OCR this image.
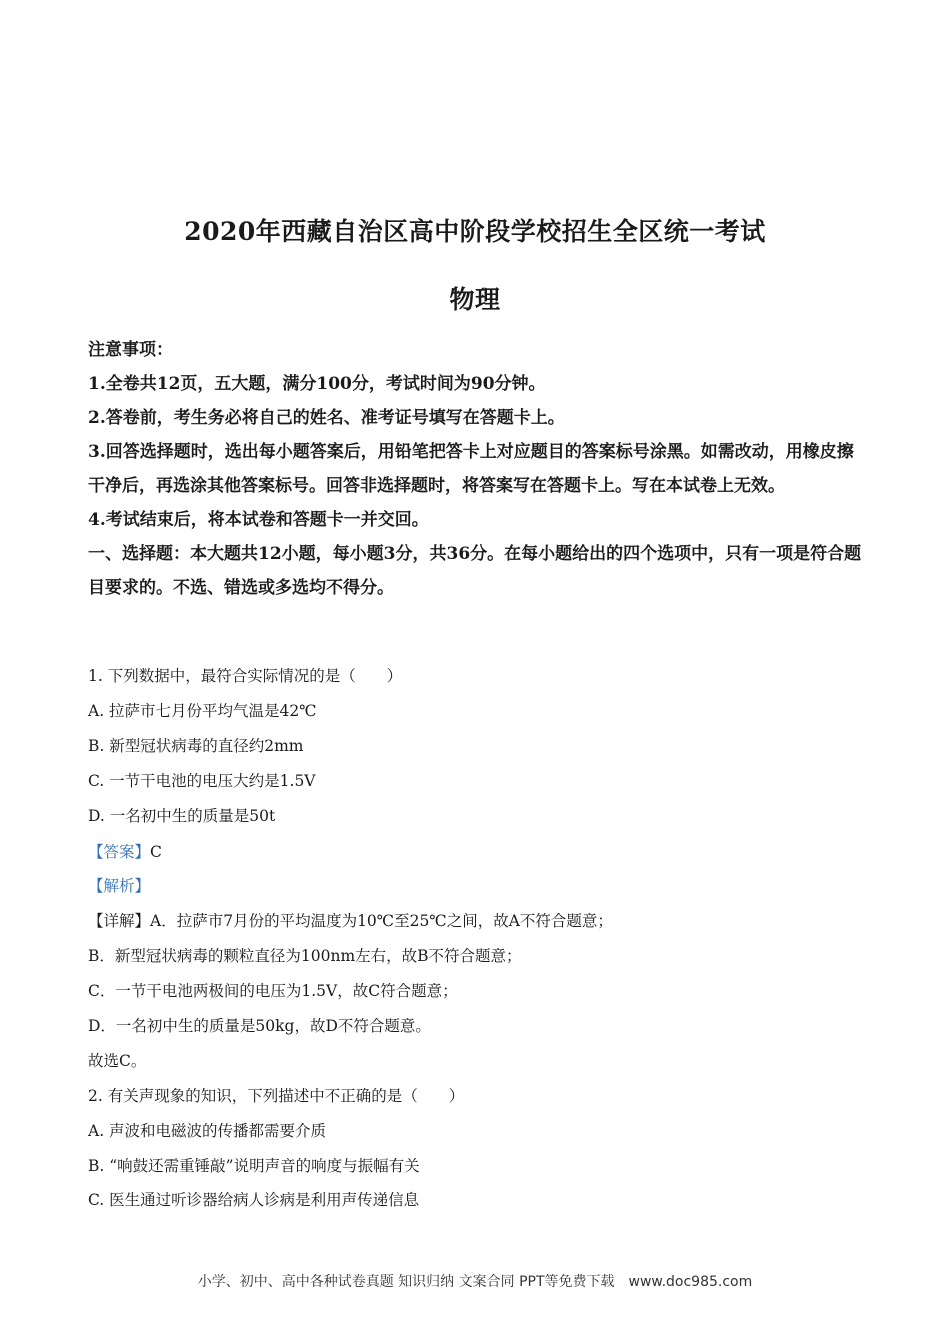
2020年西藏自治区高中阶段学校招生全区统一考试
物理

注意事项：

1.全卷共12页，五大题，满分100分，考试时间为90分钟。

2.答卷前，考生务必将自己的姓名、准考证号填写在答题卡上。

3.回答选择题时，选出每小题答案后，用铅笔把答卡上对应题目的答案标号涂黑。如需改动，用橡皮擦干净后，再选涂其他答案标号。回答非选择题时，将答案写在答题卡上。写在本试卷上无效。

4.考试结束后，将本试卷和答题卡一并交回。

一、选择题：本大题共12小题，每小题3分，共36分。在每小题给出的四个选项中，只有一项是符合题目要求的。不选、错选或多选均不得分。

1. 下列数据中，最符合实际情况的是（　　）
A. 拉萨市七月份平均气温是42℃
B. 新型冠状病毒的直径约2mm
C. 一节干电池的电压大约是1.5V
D. 一名初中生的质量是50t
【答案】C
【解析】
【详解】A．拉萨市7月份的平均温度为10℃至25℃之间，故A不符合题意；
B．新型冠状病毒的颗粒直径为100nm左右，故B不符合题意；
C．一节干电池两极间的电压为1.5V，故C符合题意；
D．一名初中生的质量是50kg，故D不符合题意。
故选C。
2. 有关声现象的知识，下列描述中不正确的是（　　）
A. 声波和电磁波的传播都需要介质
B. “响鼓还需重锤敲”说明声音的响度与振幅有关
C. 医生通过听诊器给病人诊病是利用声传递信息
小学、初中、高中各种试卷真题 知识归纳 文案合同 PPT等免费下载　www.doc985.com
